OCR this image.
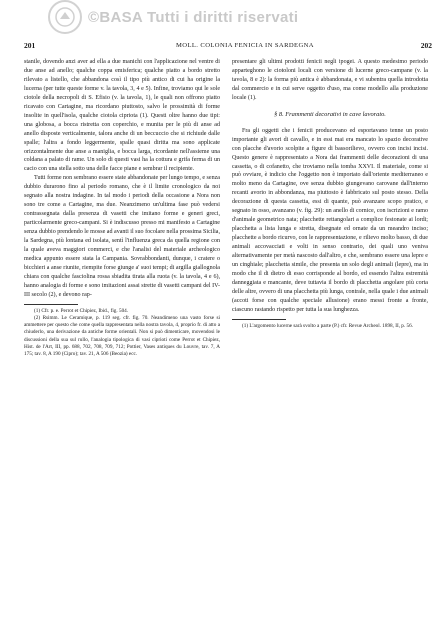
©BASA Tutti i diritti riservati
201	MOLL. COLONIA FENICIA IN SARDEGNA	202

stanile, dovendo anzi aver ad ella a due manichi con l'applicazione nel ventre di due anse ad anello; qualche coppa emisferica; qualche piatto a bordo stretto rilevato a listello, che abbandona così il tipo più antico di cui ha origine la lucerna (per tutte queste forme v. la tavola, 3, 4 e 5). Infine, troviamo qui le sole ciotole della necropoli di S. Efisio (v. la tavola, 1), le quali non offrono piatto ricavato con Cartagine, ma ricordano piuttosto, salvo le prossimità di forme insolite in quell'isola, qualche ciotola cipriota (1). Questi oltre hanno due tipi: una globosa, a bocca ristretta con coperchio, e munita per le più di anse ad anello disposte verticalmente, talora anche di un beccuccio che si richiude dalle spalle; l'altra a fondo leggermente, spalle quasi diritta ma sono applicate orizzontalmente due anse a maniglia, e bocca larga, ricordante nell'assieme una coldana a palato di rame. Un solo di questi vasi ha la cottura e grifa ferma di un cacio con una stella sotto una delle facce piane e sembrar il recipiente.

Tutti forme non sembrano essere state abbandonate per lungo tempo, e senza dubbio durarono fino al periodo romano, che è il limite cronologico da noi segnato alla nostra indagine. In tal modo i periodi della occasione a Nora non sono tre come a Cartagine, ma due. Neanzimeno un'ultima fase può vedersi contrassegnata dalla presenza di vasetti che imitano forme e generi greci, particolarmente greco-campani. Si è indiscusso presso mi manifesto a Cartagine senza dubbio prendendo le mosse ad avanti il suo focolare nella prossima Sicilia, la Sardegna, più lontana ed isolata, sentì l'influenza greca da quella regione con la quale aveva maggiori commerci, e che l'analisi del materiale archeologico medica appunto essere stata la Campania. Sovrabbondanti, dunque, i cratere o bicchieri a anse riunite, riempite forse giunge a' suoi tempi; di argilla giallognola chiara con qualche fasciolina rossa sbiadita tirata alla ruota (v. la tavola, 4 e 6), hanno analogia di forme e sono imitazioni assai strette di vasetti campani del IV-III secolo (2), e devono rap-

(1) Cfr. p. e. Perrot et Chipiez, Ibid., fig. 504.

(2) Rsimm. Le Ceramique, p. 119 seg. cfr. fig. 70. Neandimeno una vasto forse si ammettere per questo che come quella rappresentata nella nostra tavola, 4, proprio fr. di atto a chiuderlo, una derivazione da antiche forme orientali. Non si può dimenticare, movendosi le discussioni della sua sul rullo, l'analogia tipologica di vasi ciprioti come Perrot et Chipiez, Hist. de l'Art, III, pp. 688, 702, 708, 709, 712; Pottier, Vases antiques du Louvre, tav. 7, A 175; tav. 8, A 190 (Cipro); tav. 21, A 506 (Beozia) ecc.

presentare gli ultimi prodotti fenicii negli ipogei. A questo medesimo periodo apparteghono le ciotoloni locali con versione di lucerne greco-campane (v. la tavola, 8 e 2): la forma più antica è abbandonata, e vi subentra quella introdotta dal commercio e in cui serve oggetto d'uso, ma come modello alla produzione locale (1).

§ 8. Frammenti decorativi in cave lavorato.

Fra gli oggetti che i fenicii producevano ed esportavano tenne un posto importante gli avori di cavallo, e in essi mai era mancato lo spazio decorative con placche d'avorio scolpite a figure di bassorilievo, ovvero con incisi incisi. Questo genere è rappresentato a Nora dai frammenti delle decorazioni di una cassetta, o di cofanetto, che troviamo nella tomba XXVI. Il materiale, come si può ovviare, è indicio che l'oggetto non è importato dall'oriente mediterraneo e molto meno da Cartagine, ove senza dubbio giungevano carovane dall'interno recanti avorio in abbondanza, ma piuttosto è fabbricato sul posto stesso. Della decorazione di questa cassetta, essi di quante, può avanzare scopo pratico, e segnato in osso, avanzano (v. fig. 29): un anello di cornice, con iscrizioni e ramo d'animale geometrico nata; placchette rettangolari a complice festonate ai lordi; placchetta a lista lunga e stretta, disegnate ed ornate da un meandro inciso; placchette a bordo ricurvo, con le rappresentazione, e rilievo molto basso, di due animali accovacciati e volti in senso contrario, dei quali uno veniva alternativamente per metà nascosto dall'altro, e che, sembrano essere una lepre e un cinghiale; placchetta simile, che presenta un solo degli animali (lepre), ma in modo che il di dietro di esso corrisponde al bordo, ed essendo l'altra estremità danneggiata e mancante, deve tuttavia il bordo di placchetta angolare più corta delle altre, ovvero di una placchetta più lunga, contrale, nella quale i due animali (accoti forse con qualche speciale allusione) erano messi fronte a fronte, ciascuno rastando rispetto per tutta la sua lunghezza.

(1) L'argomento lucerne sarà svolto a parte (P.) cfr. Revue Archeol. 1898, II, p. 56.
